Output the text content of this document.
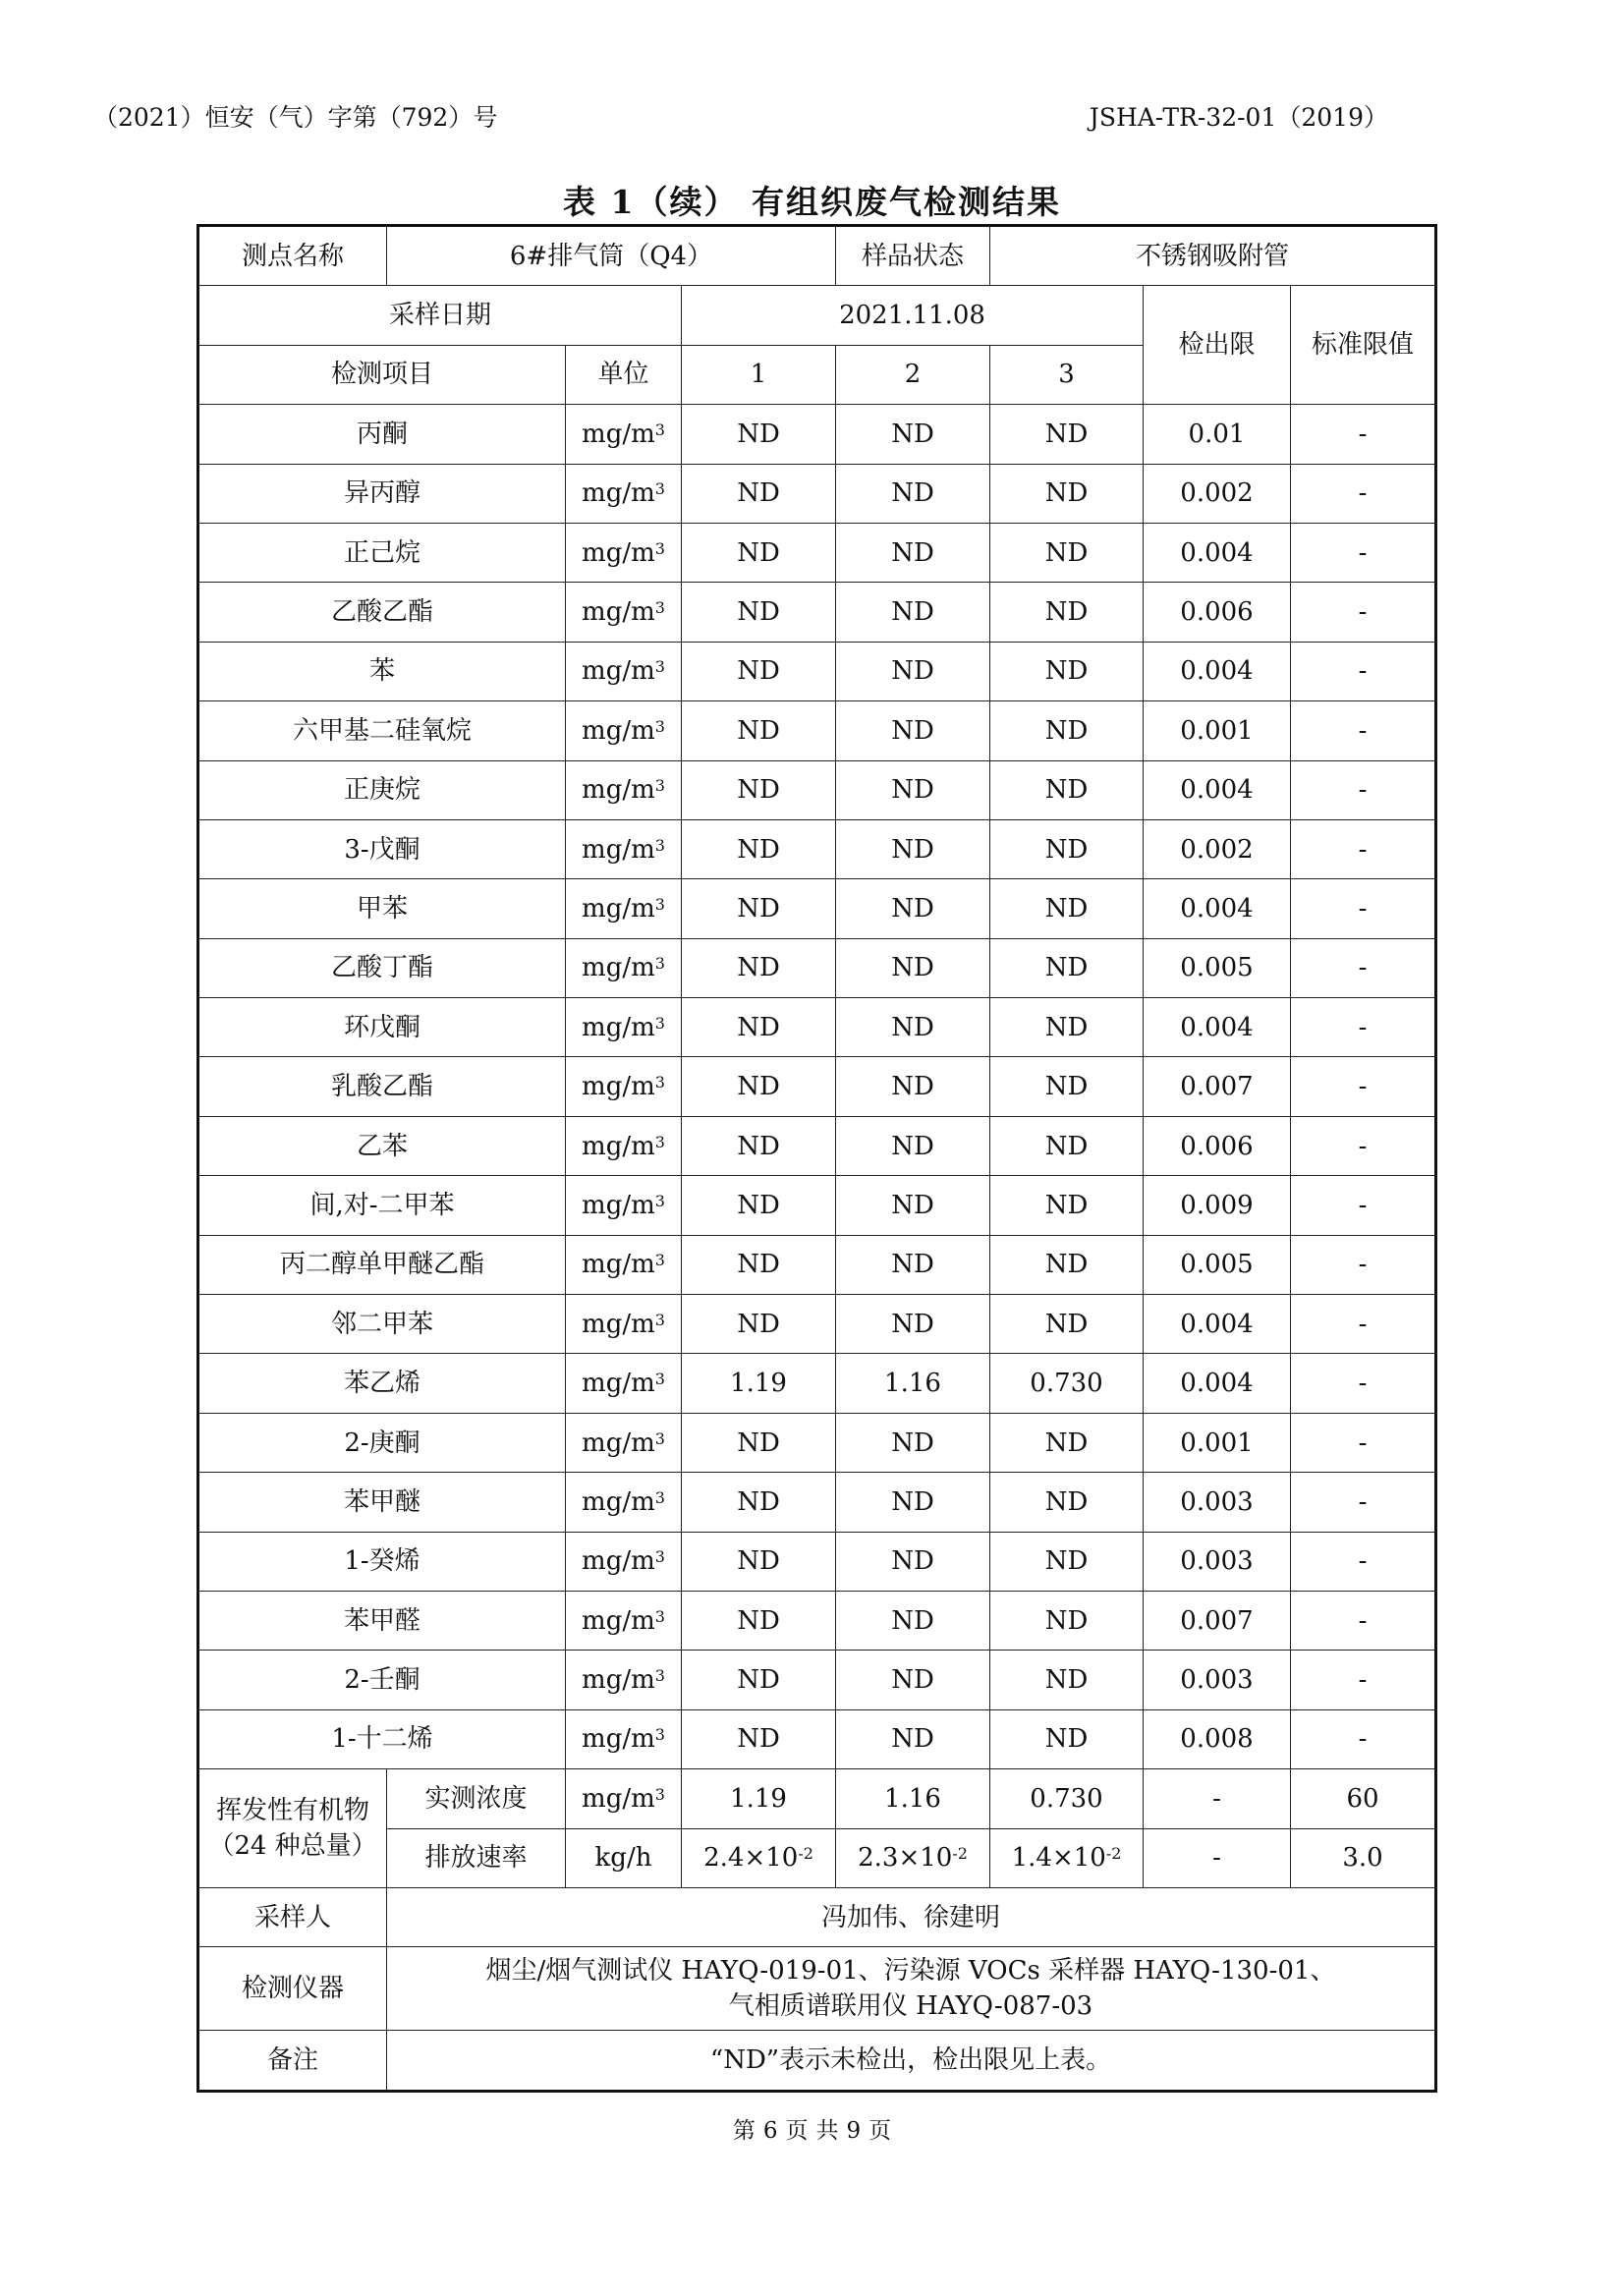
（2021）恒安（气）字第（792）号	JSHA-TR-32-01（2019）
表 1（续） 有组织废气检测结果
测点名称	6#排气筒（Q4）			样品状态	不锈钢吸附管		
采样日期			2021.11.08			检出限	标准限值
检测项目		单位	1	2	3		
丙酮		$mg/m^3$	ND	ND	ND	0.01	-
异丙醇		$mg/m^3$	ND	ND	ND	0.002	-
正己烷		$mg/m^3$	ND	ND	ND	0.004	-
乙酸乙酯		$mg/m^3$	ND	ND	ND	0.006	-
苯		$mg/m^3$	ND	ND	ND	0.004	-
六甲基二硅氧烷		$mg/m^3$	ND	ND	ND	0.001	-
正庚烷		$mg/m^3$	ND	ND	ND	0.004	-
3-戊酮		$mg/m^3$	ND	ND	ND	0.002	-
甲苯		$mg/m^3$	ND	ND	ND	0.004	-
乙酸丁酯		$mg/m^3$	ND	ND	ND	0.005	-
环戊酮		$mg/m^3$	ND	ND	ND	0.004	-
乳酸乙酯		$mg/m^3$	ND	ND	ND	0.007	-
乙苯		$mg/m^3$	ND	ND	ND	0.006	-
间,对-二甲苯		$mg/m^3$	ND	ND	ND	0.009	-
丙二醇单甲醚乙酯		$mg/m^3$	ND	ND	ND	0.005	-
邻二甲苯		$mg/m^3$	ND	ND	ND	0.004	-
苯乙烯		$mg/m^3$	1.19	1.16	0.730	0.004	-
2-庚酮		$mg/m^3$	ND	ND	ND	0.001	-
苯甲醚		$mg/m^3$	ND	ND	ND	0.003	-
1-癸烯		$mg/m^3$	ND	ND	ND	0.003	-
苯甲醛		$mg/m^3$	ND	ND	ND	0.007	-
2-壬酮		$mg/m^3$	ND	ND	ND	0.003	-
1-十二烯		$mg/m^3$	ND	ND	ND	0.008	-

挥发性有机物
（24 种总量）	实测浓度	$mg/m^3$	1.19	1.16	0.730	-	60
	排放速率	kg/h	$2.4\times 10^{-2}$	$2.3\times 10^{-2}$	$1.4\times 10^{-2}$	-	3.0
采样人	冯加伟、徐建明						
检测仪器	烟尘/烟气测试仪 HAYQ-019-01、污染源 VOCs 采样器 HAYQ-130-01、
气相质谱联用仪 HAYQ-087-03						

备注	“ND”表示未检出，检出限见上表。						
第 6 页 共 9 页
